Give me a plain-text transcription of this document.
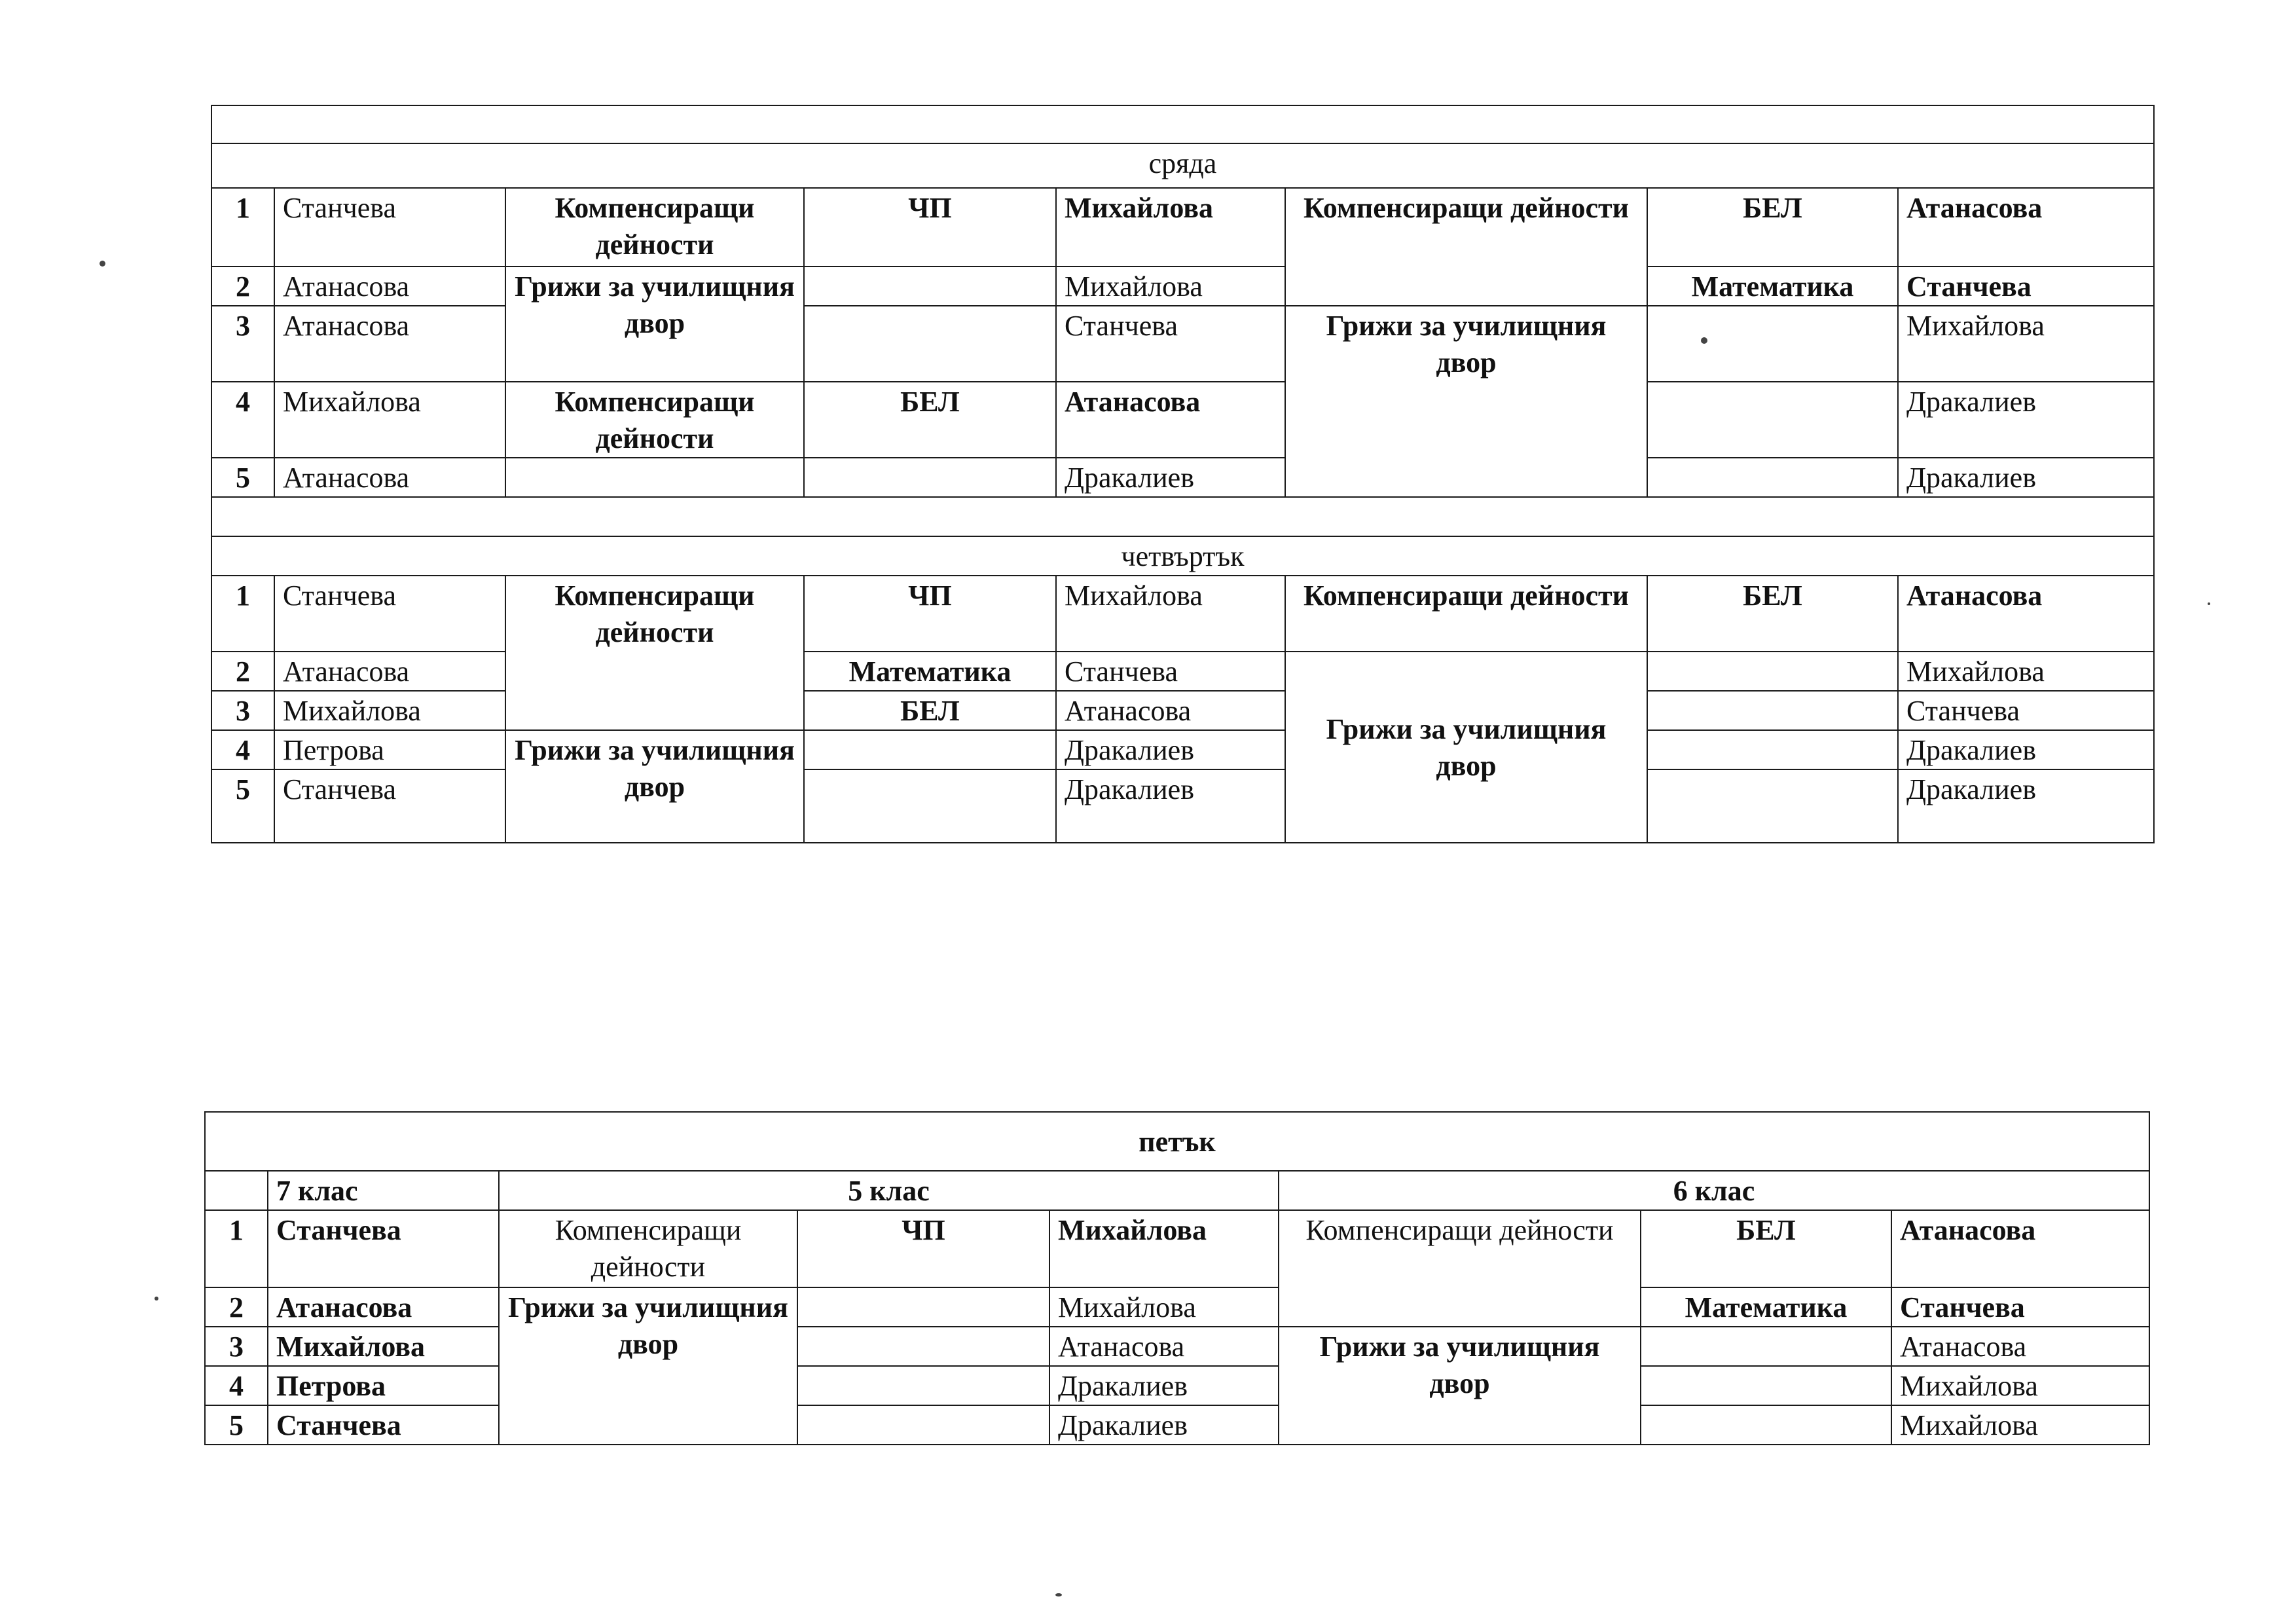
сряда							
1	Станчева	Компенсиращи дейности	ЧП	Михайлова	Компенсиращи дейности	БЕЛ	Атанасова
2	Атанасова	Грижи за училищния двор		Михайлова		Математика	Станчева
3	Атанасова			Станчева	Грижи за училищния двор		Михайлова
4	Михайлова	Компенсиращи дейности	БЕЛ	Атанасова			Дракалиев
5	Атанасова			Дракалиев			Дракалиев

четвъртък							
1	Станчева	Компенсиращи дейности	ЧП	Михайлова	Компенсиращи дейности	БЕЛ	Атанасова
2	Атанасова		Математика	Станчева	Грижи за училищния двор		Михайлова
3	Михайлова		БЕЛ	Атанасова			Станчева
4	Петрова	Грижи за училищния двор		Дракалиев			Дракалиев
5	Станчева			Дракалиев			Дракалиев
петък							
	7 клас	5 клас			6 клас		
1	Станчева	Компенсиращи дейности	ЧП	Михайлова	Компенсиращи дейности	БЕЛ	Атанасова
2	Атанасова	Грижи за училищния двор		Михайлова		Математика	Станчева
3	Михайлова			Атанасова	Грижи за училищния двор		Атанасова
4	Петрова			Дракалиев			Михайлова
5	Станчева			Дракалиев			Михайлова
